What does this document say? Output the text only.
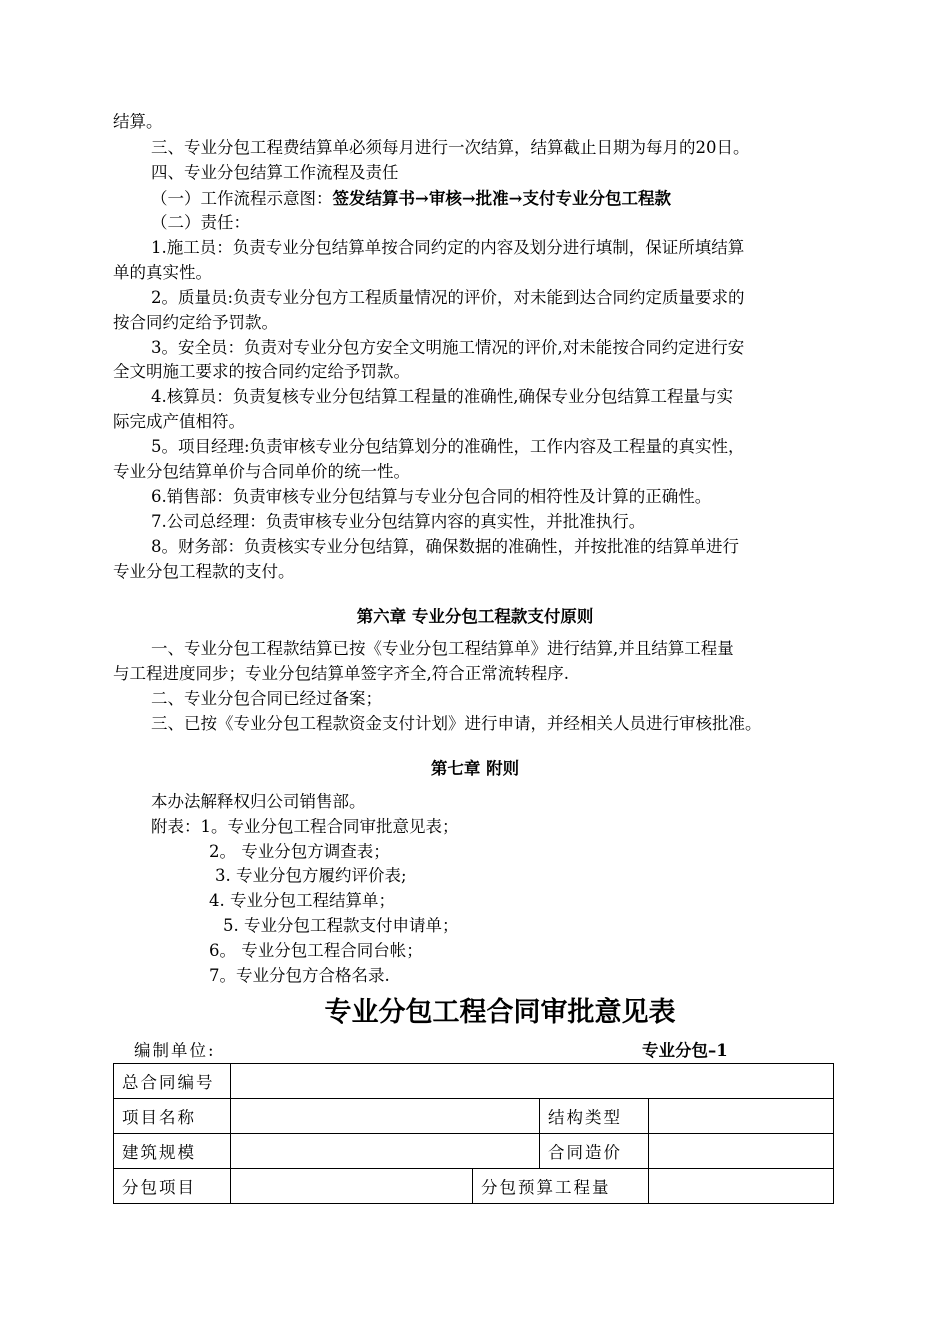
结算。
三、专业分包工程费结算单必须每月进行一次结算，结算截止日期为每月的20日。
四、专业分包结算工作流程及责任
（一）工作流程示意图：签发结算书→审核→批准→支付专业分包工程款
（二）责任：
1.施工员：负责专业分包结算单按合同约定的内容及划分进行填制，保证所填结算
单的真实性。
2。质量员:负责专业分包方工程质量情况的评价，对未能到达合同约定质量要求的
按合同约定给予罚款。
3。安全员：负责对专业分包方安全文明施工情况的评价,对未能按合同约定进行安
全文明施工要求的按合同约定给予罚款。
4.核算员：负责复核专业分包结算工程量的准确性,确保专业分包结算工程量与实
际完成产值相符。
5。项目经理:负责审核专业分包结算划分的准确性，工作内容及工程量的真实性，
专业分包结算单价与合同单价的统一性。
6.销售部：负责审核专业分包结算与专业分包合同的相符性及计算的正确性。
7.公司总经理：负责审核专业分包结算内容的真实性，并批准执行。
8。财务部：负责核实专业分包结算，确保数据的准确性，并按批准的结算单进行
专业分包工程款的支付。
第六章 专业分包工程款支付原则
一、专业分包工程款结算已按《专业分包工程结算单》进行结算,并且结算工程量
与工程进度同步；专业分包结算单签字齐全,符合正常流转程序.
二、专业分包合同已经过备案；
三、已按《专业分包工程款资金支付计划》进行申请，并经相关人员进行审核批准。
第七章 附则
本办法解释权归公司销售部。
附表：1。专业分包工程合同审批意见表；
2。 专业分包方调查表；
3. 专业分包方履约评价表;
4. 专业分包工程结算单；
5. 专业分包工程款支付申请单；
6。 专业分包工程合同台帐；
7。专业分包方合格名录.
专业分包工程合同审批意见表
编制单位:	专业分包–1
总合同编号				
项目名称			结构类型	
建筑规模			合同造价	
分包项目		分包预算工程量		
